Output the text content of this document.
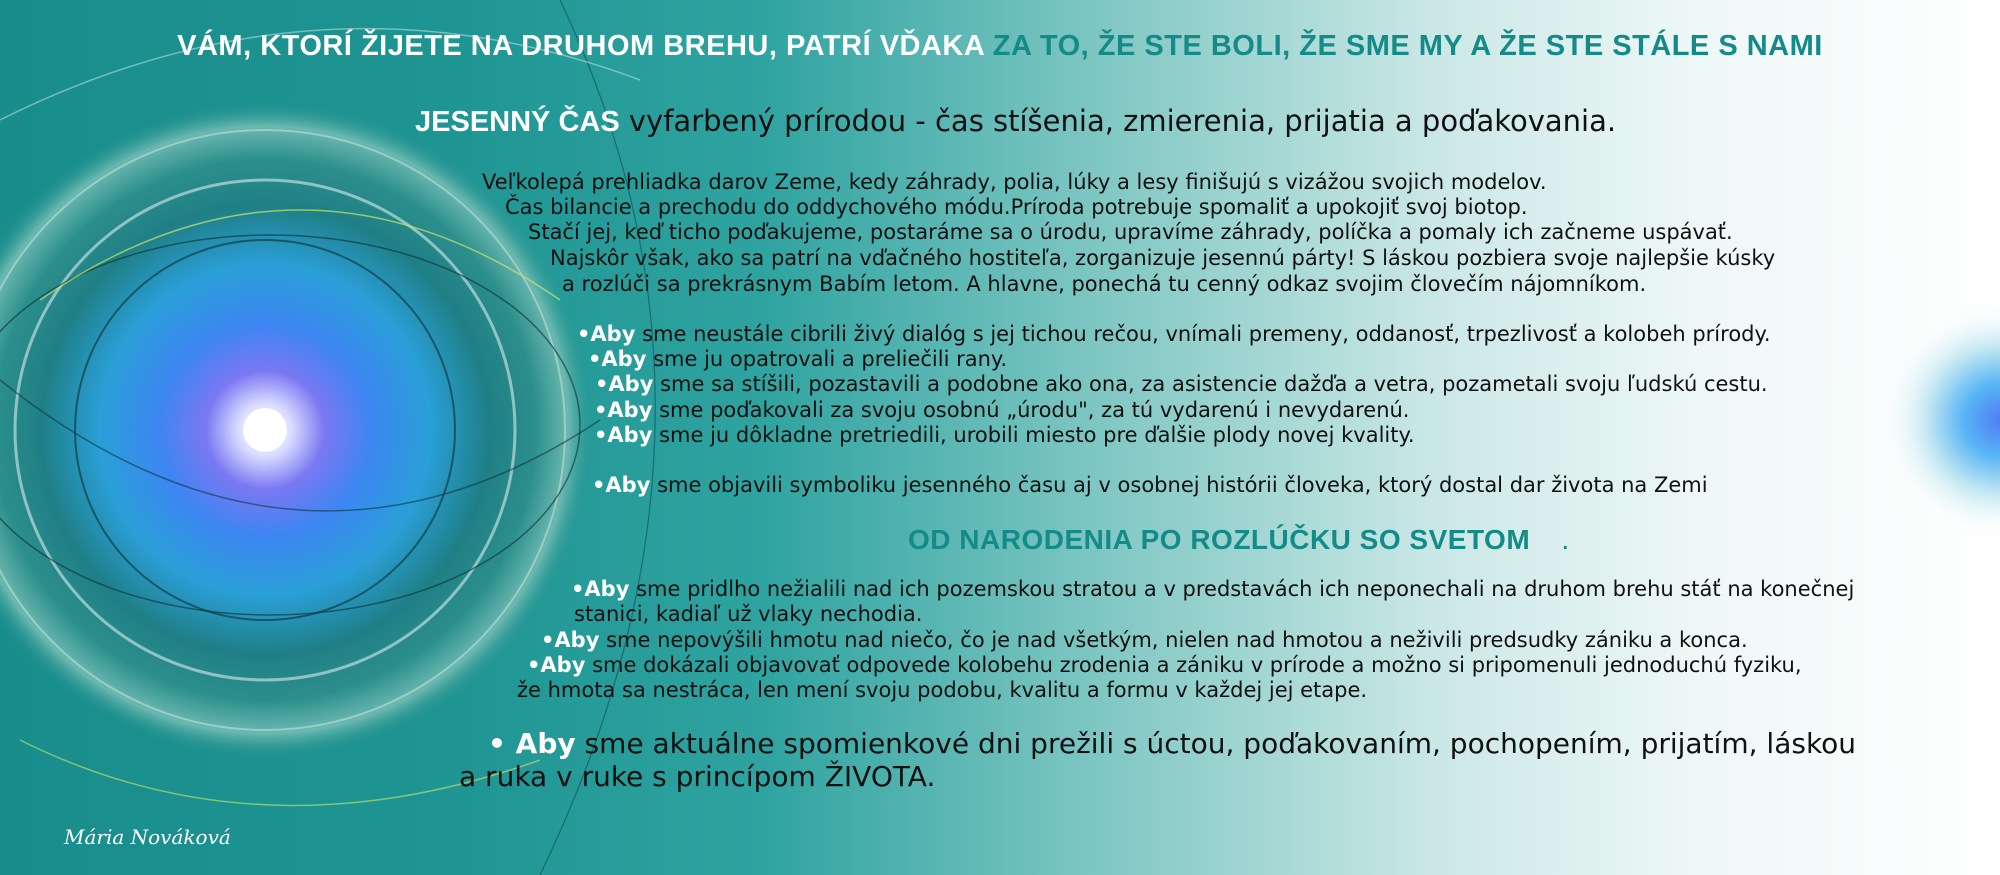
VÁM, KTORÍ ŽIJETE NA DRUHOM BREHU, PATRÍ VĎAKA ZA TO, ŽE STE BOLI, ŽE SME MY A ŽE STE STÁLE S NAMI
JESENNÝ ČAS vyfarbený prírodou - čas stíšenia, zmierenia, prijatia a poďakovania.
Veľkolepá prehliadka darov Zeme, kedy záhrady, polia, lúky a lesy finišujú s vizážou svojich modelov.
Čas bilancie a prechodu do oddychového módu.Príroda potrebuje spomaliť a upokojiť svoj biotop.
Stačí jej, keď ticho poďakujeme, postaráme sa o úrodu, upravíme záhrady, políčka a pomaly ich začneme uspávať.
Najskôr však, ako sa patrí na vďačného hostiteľa, zorganizuje jesennú párty! S láskou pozbiera svoje najlepšie kúsky
a rozlúči sa prekrásnym Babím letom. A hlavne, ponechá tu cenný odkaz svojim človečím nájomníkom.
•Aby sme neustále cibrili živý dialóg s jej tichou rečou, vnímali premeny, oddanosť, trpezlivosť a kolobeh prírody.
•Aby sme ju opatrovali a preliečili rany.
•Aby sme sa stíšili, pozastavili a podobne ako ona, za asistencie dažďa a vetra, pozametali svoju ľudskú cestu.
•Aby sme poďakovali za svoju osobnú „úrodu", za tú vydarenú i nevydarenú.
•Aby sme ju dôkladne pretriedili, urobili miesto pre ďalšie plody novej kvality.
•Aby sme objavili symboliku jesenného času aj v osobnej histórii človeka, ktorý dostal dar života na Zemi
OD NARODENIA PO ROZLÚČKU SO SVETOM .
•Aby sme pridlho nežialili nad ich pozemskou stratou a v predstavách ich neponechali na druhom brehu stáť na konečnej
stanici, kadiaľ už vlaky nechodia.
•Aby sme nepovýšili hmotu nad niečo, čo je nad všetkým, nielen nad hmotou a neživili predsudky zániku a konca.
•Aby sme dokázali objavovať odpovede kolobehu zrodenia a zániku v prírode a možno si pripomenuli jednoduchú fyziku,
že hmota sa nestráca, len mení svoju podobu, kvalitu a formu v každej jej etape.
• Aby sme aktuálne spomienkové dni prežili s úctou, poďakovaním, pochopením, prijatím, láskou
a ruka v ruke s princípom ŽIVOTA.
Mária Nováková
